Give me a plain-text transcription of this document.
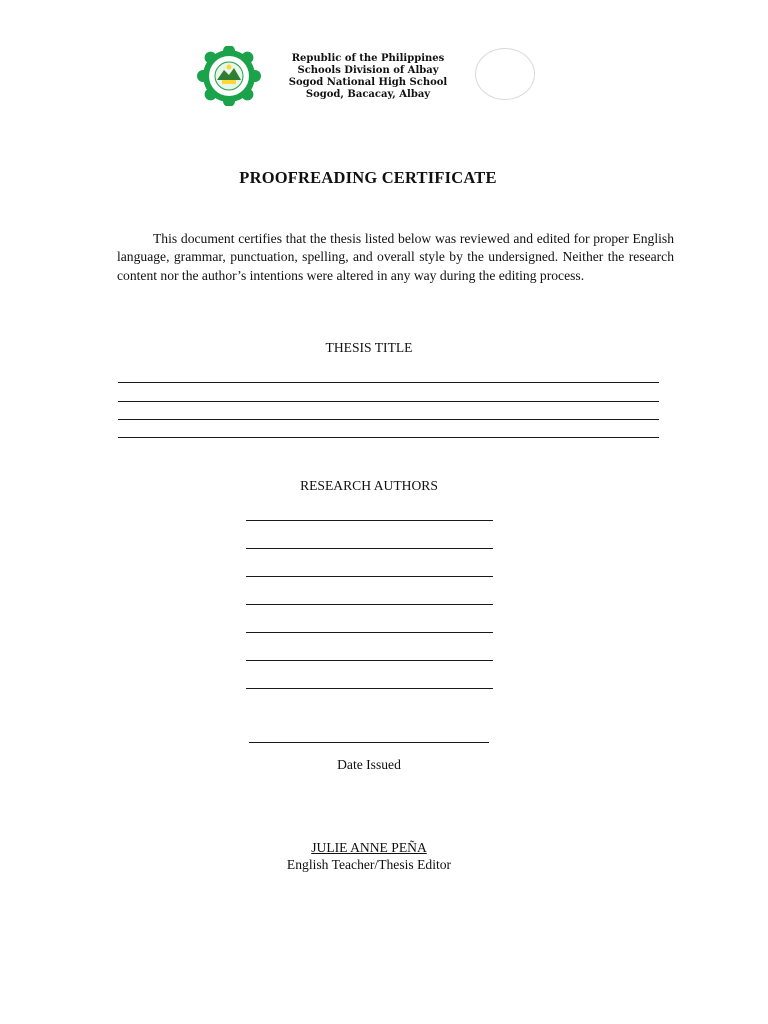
Republic of the Philippines
Schools Division of Albay
Sogod National High School
Sogod, Bacacay, Albay
PROOFREADING CERTIFICATE

This document certifies that the thesis listed below was reviewed and edited for proper English language, grammar, punctuation, spelling, and overall style by the undersigned. Neither the research content nor the author’s intentions were altered in any way during the editing process.

THESIS TITLE
RESEARCH AUTHORS
Date Issued
JULIE ANNE PEÑA
English Teacher/Thesis Editor
